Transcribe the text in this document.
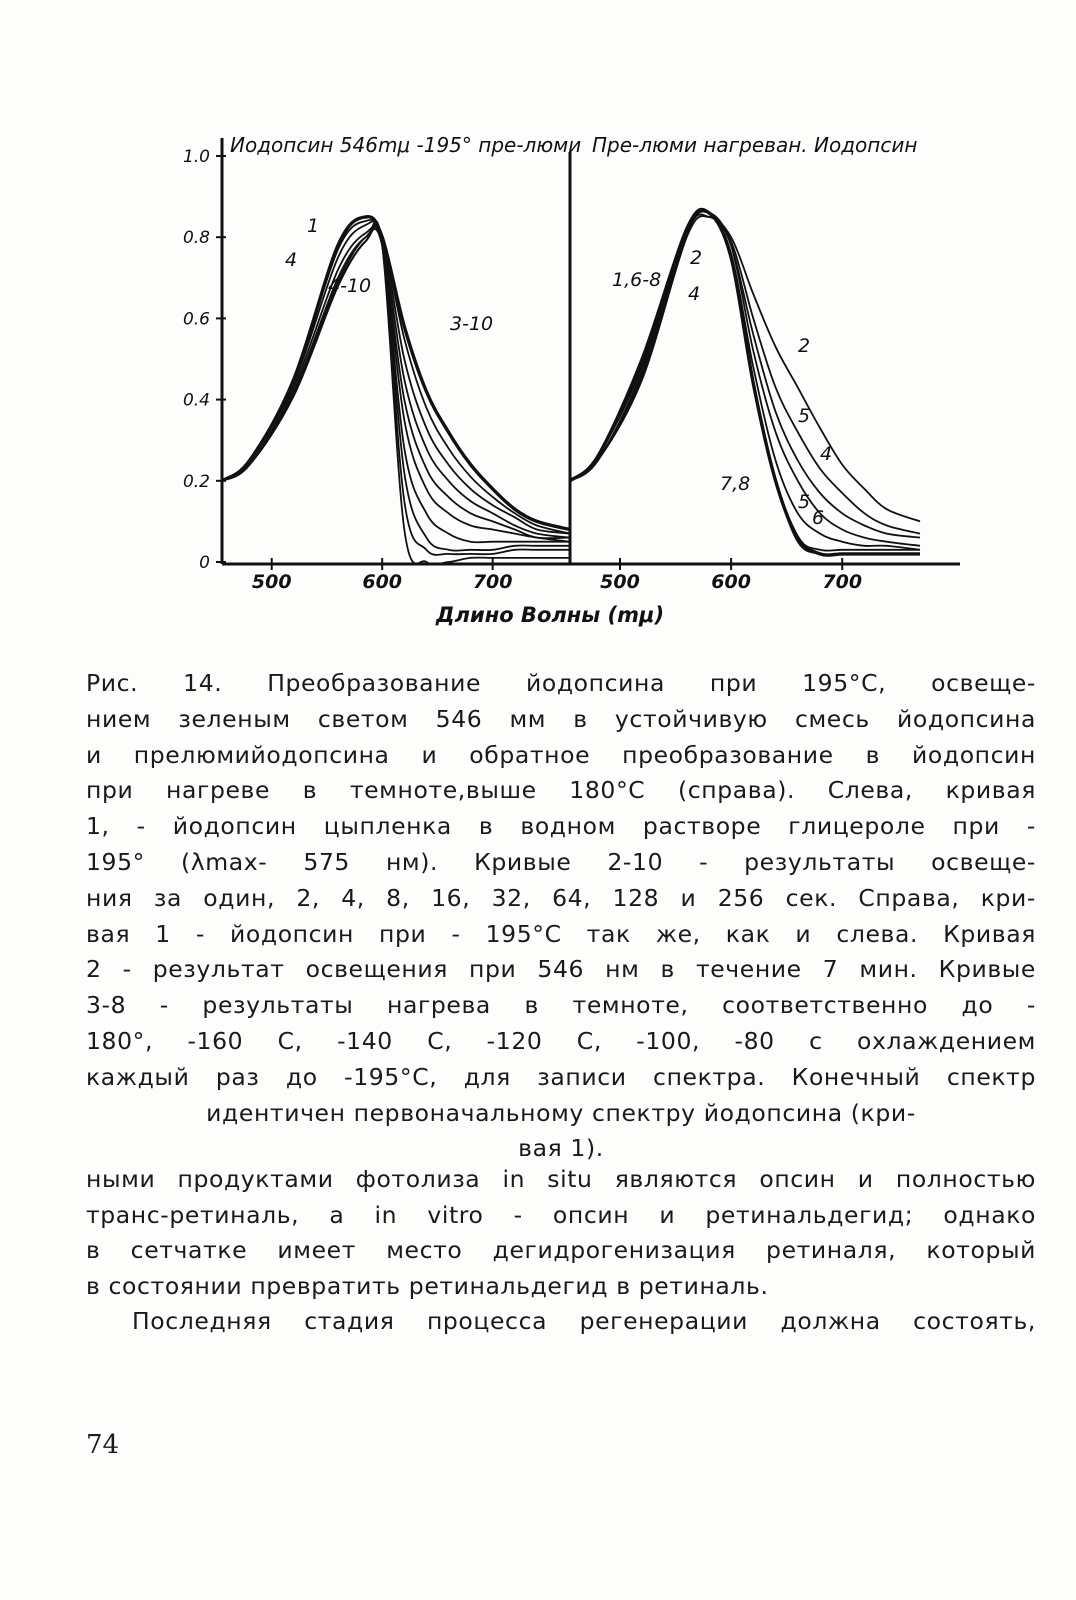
1.0
0.8
0.6
0.4
0.2
0
500	600	700
Иодопсин 546mμ -195° пре-люми
500	600	700
Пре-люми нагреван. Иодопсин
1
4
4-10
3-10
1,6-8
2
4
2
5
4
7,8
5
6
Длино Волны (mμ)
Рис. 14. Преобразование йодопсина при 195°С, освеще-
нием зеленым светом 546 мм в устойчивую смесь йодопсина
и прелюмийодопсина и обратное преобразование в йодопсин
при нагреве в темноте,выше 180°С (справа). Слева, кривая
1, - йодопсин цыпленка в водном растворе глицероле при -
195° (λmax- 575 нм). Кривые 2-10 - результаты освеще-
ния за один, 2, 4, 8, 16, 32, 64, 128 и 256 сек. Справа, кри-
вая 1 - йодопсин при - 195°С так же, как и слева. Кривая
2 - результат освещения при 546 нм в течение 7 мин. Кривые
3-8 - результаты нагрева в темноте, соответственно до -
180°, -160 С, -140 С, -120 С, -100, -80 с охлаждением
каждый раз до -195°С, для записи спектра. Конечный спектр
идентичен первоначальному спектру йодопсина (кри-
вая 1).
ными продуктами фотолиза in situ являются опсин и полностью
транс-ретиналь, а in vitro - опсин и ретинальдегид; однако
в сетчатке имеет место дегидрогенизация ретиналя, который
в состоянии превратить ретинальдегид в ретиналь.
Последняя стадия процесса регенерации должна состоять,
74
